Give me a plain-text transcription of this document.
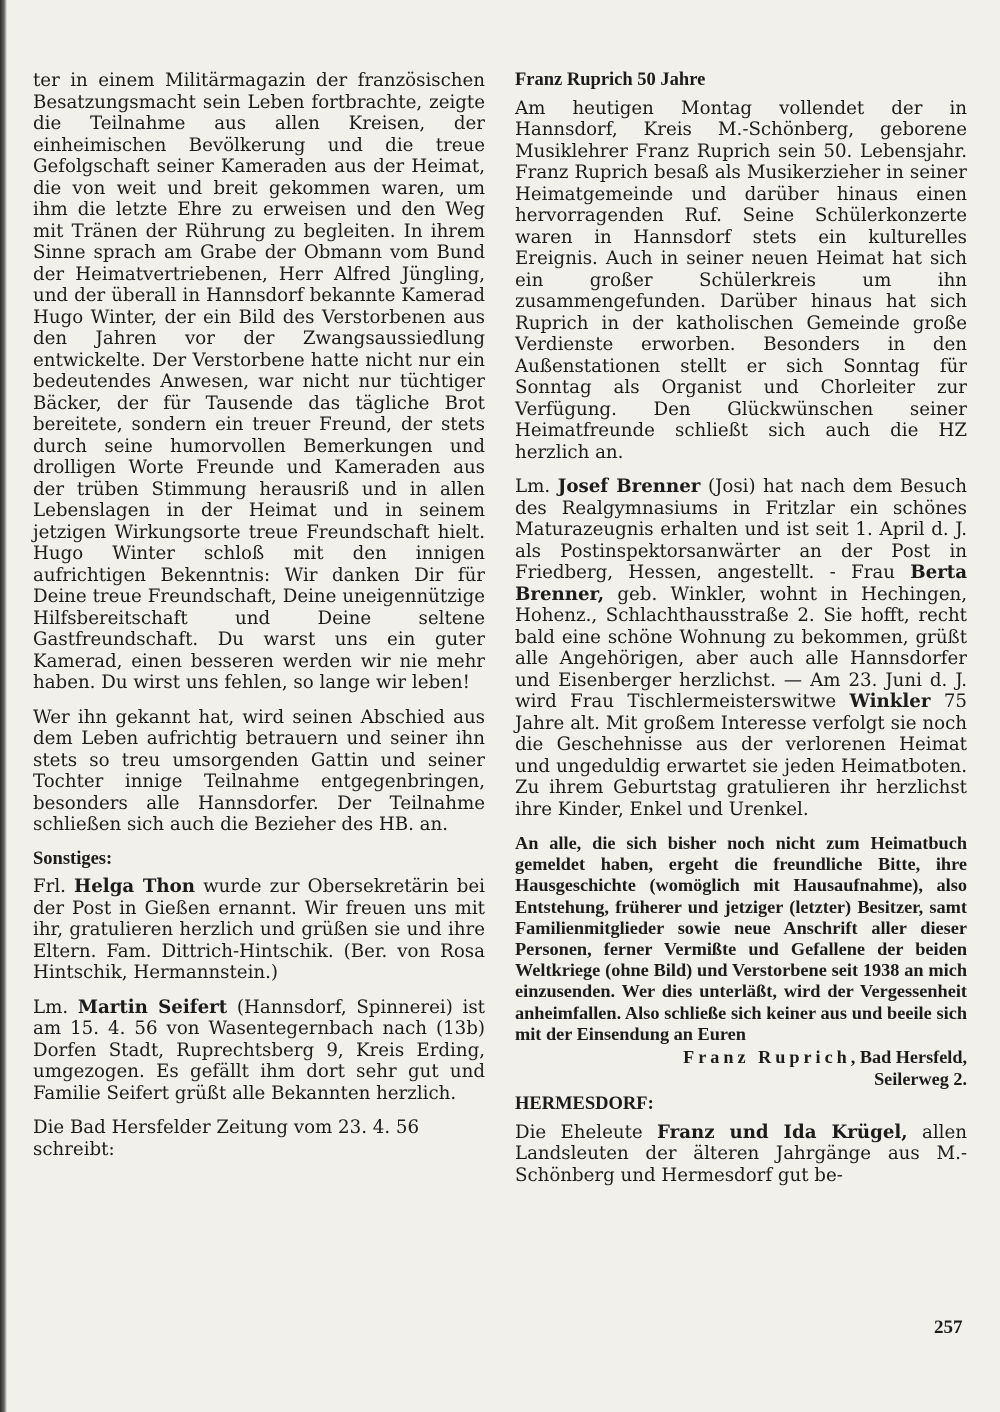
ter in einem Militärmagazin der französischen Besatzungsmacht sein Leben fortbrachte, zeigte die Teilnahme aus allen Kreisen, der einheimischen Bevölkerung und die treue Gefolgschaft seiner Kameraden aus der Heimat, die von weit und breit gekommen waren, um ihm die letzte Ehre zu erweisen und den Weg mit Tränen der Rührung zu begleiten. In ihrem Sinne sprach am Grabe der Obmann vom Bund der Heimatvertriebenen, Herr Alfred Jüngling, und der überall in Hannsdorf bekannte Kamerad Hugo Winter, der ein Bild des Verstorbenen aus den Jahren vor der Zwangsaussiedlung entwickelte. Der Verstorbene hatte nicht nur ein bedeutendes Anwesen, war nicht nur tüchtiger Bäcker, der für Tausende das tägliche Brot bereitete, sondern ein treuer Freund, der stets durch seine humorvollen Bemerkungen und drolligen Worte Freunde und Kameraden aus der trüben Stimmung herausriß und in allen Lebenslagen in der Heimat und in seinem jetzigen Wirkungsorte treue Freundschaft hielt. Hugo Winter schloß mit den innigen aufrichtigen Bekenntnis: Wir danken Dir für Deine treue Freundschaft, Deine uneigennützige Hilfsbereitschaft und Deine seltene Gastfreundschaft. Du warst uns ein guter Kamerad, einen besseren werden wir nie mehr haben. Du wirst uns fehlen, so lange wir leben!

Wer ihn gekannt hat, wird seinen Abschied aus dem Leben aufrichtig betrauern und seiner ihn stets so treu umsorgenden Gattin und seiner Tochter innige Teilnahme entgegenbringen, besonders alle Hannsdorfer. Der Teilnahme schließen sich auch die Bezieher des HB. an.

Sonstiges:

Frl. Helga Thon wurde zur Obersekretärin bei der Post in Gießen ernannt. Wir freuen uns mit ihr, gratulieren herzlich und grüßen sie und ihre Eltern. Fam. Dittrich-Hintschik. (Ber. von Rosa Hintschik, Hermannstein.)

Lm. Martin Seifert (Hannsdorf, Spinnerei) ist am 15. 4. 56 von Wasentegernbach nach (13b) Dorfen Stadt, Ruprechtsberg 9, Kreis Erding, umgezogen. Es gefällt ihm dort sehr gut und Familie Seifert grüßt alle Bekannten herzlich.

Die Bad Hersfelder Zeitung vom 23. 4. 56 schreibt:

Franz Ruprich 50 Jahre

Am heutigen Montag vollendet der in Hannsdorf, Kreis M.-Schönberg, geborene Musiklehrer Franz Ruprich sein 50. Lebensjahr. Franz Ruprich besaß als Musikerzieher in seiner Heimatgemeinde und darüber hinaus einen hervorragenden Ruf. Seine Schülerkonzerte waren in Hannsdorf stets ein kulturelles Ereignis. Auch in seiner neuen Heimat hat sich ein großer Schülerkreis um ihn zusammengefunden. Darüber hinaus hat sich Ruprich in der katholischen Gemeinde große Verdienste erworben. Besonders in den Außenstationen stellt er sich Sonntag für Sonntag als Organist und Chorleiter zur Verfügung. Den Glückwünschen seiner Heimatfreunde schließt sich auch die HZ herzlich an.

Lm. Josef Brenner (Josi) hat nach dem Besuch des Realgymnasiums in Fritzlar ein schönes Maturazeugnis erhalten und ist seit 1. April d. J. als Postinspektorsanwärter an der Post in Friedberg, Hessen, angestellt. - Frau Berta Brenner, geb. Winkler, wohnt in Hechingen, Hohenz., Schlachthausstraße 2. Sie hofft, recht bald eine schöne Wohnung zu bekommen, grüßt alle Angehörigen, aber auch alle Hannsdorfer und Eisenberger herzlichst. — Am 23. Juni d. J. wird Frau Tischlermeisterswitwe Winkler 75 Jahre alt. Mit großem Interesse verfolgt sie noch die Geschehnisse aus der verlorenen Heimat und ungeduldig erwartet sie jeden Heimatboten. Zu ihrem Geburtstag gratulieren ihr herzlichst ihre Kinder, Enkel und Urenkel.

An alle, die sich bisher noch nicht zum Heimatbuch gemeldet haben, ergeht die freundliche Bitte, ihre Hausgeschichte (womöglich mit Hausaufnahme), also Entstehung, früherer und jetziger (letzter) Besitzer, samt Familienmitglieder sowie neue Anschrift aller dieser Personen, ferner Vermißte und Gefallene der beiden Weltkriege (ohne Bild) und Verstorbene seit 1938 an mich einzusenden. Wer dies unterläßt, wird der Vergessenheit anheimfallen. Also schließe sich keiner aus und beeile sich mit der Einsendung an Euren

Franz Ruprich, Bad Hersfeld,
Seilerweg 2.

HERMESDORF:

Die Eheleute Franz und Ida Krügel, allen Landsleuten der älteren Jahrgänge aus M.-Schönberg und Hermesdorf gut be-

257
